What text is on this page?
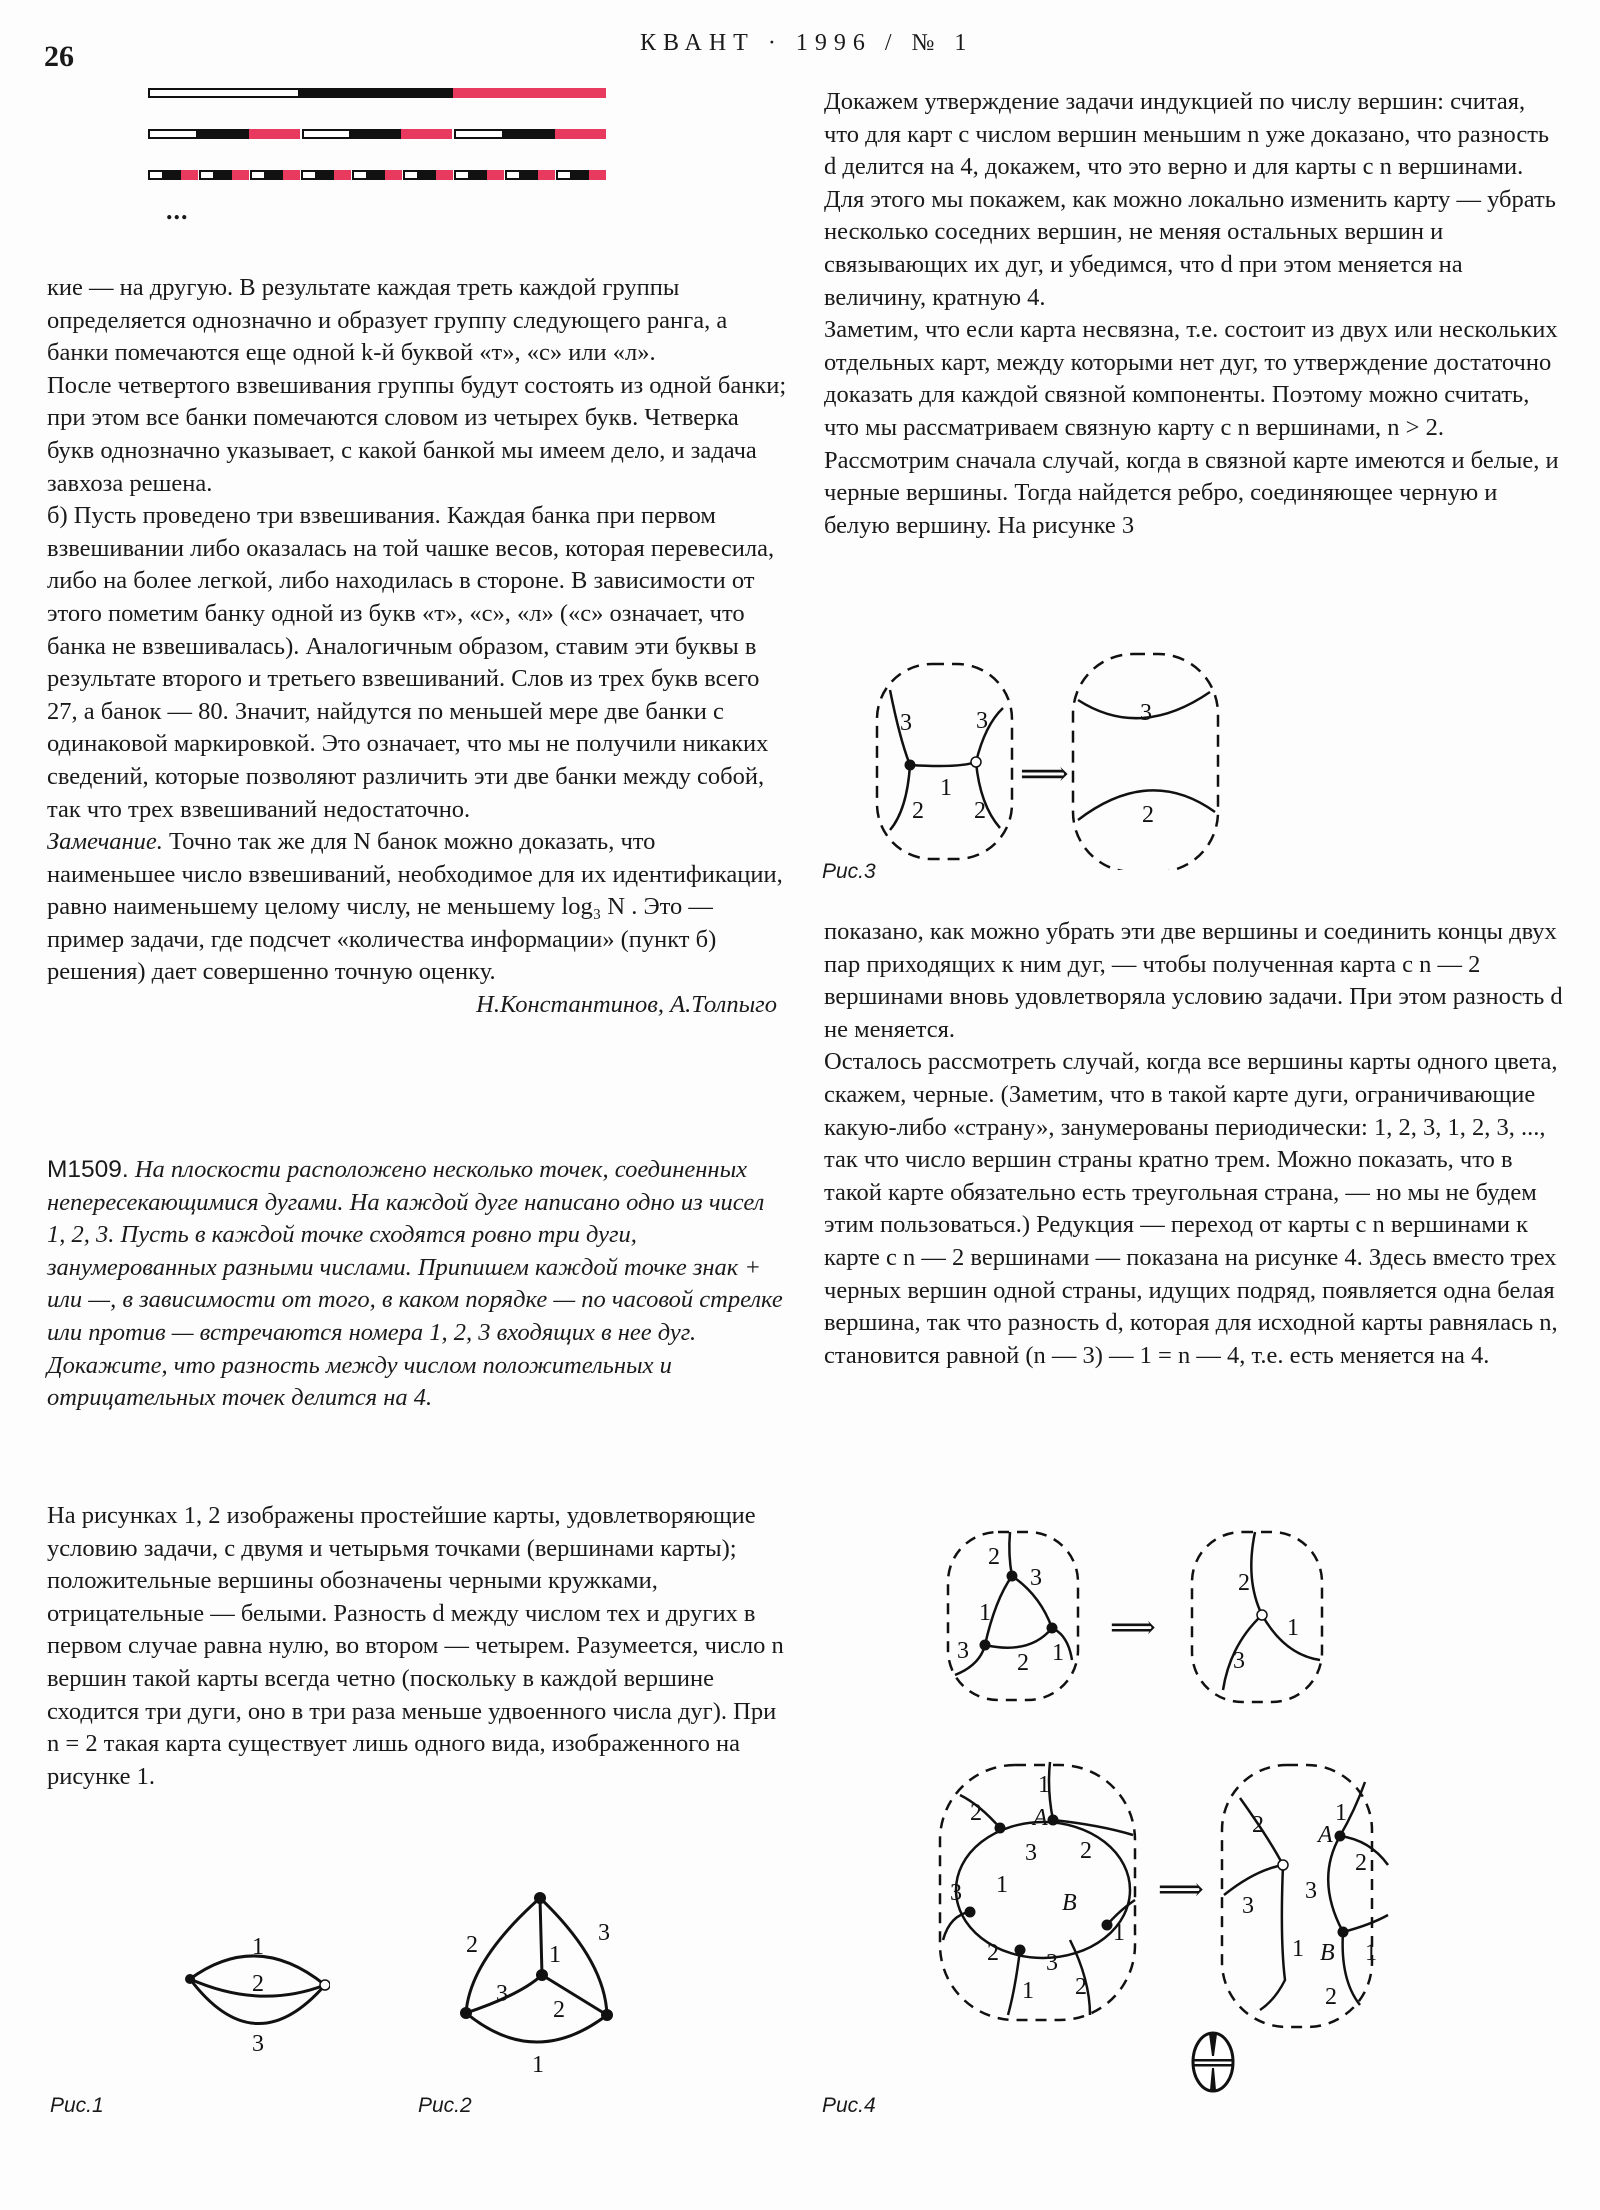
26	КВАНТ · 1996 / № 1
...

кие — на другую. В результате каждая треть каждой группы определяется однозначно и образует группу следующего ранга, а банки помечаются еще одной k-й буквой «т», «с» или «л».

После четвертого взвешивания группы будут состоять из одной банки; при этом все банки помечаются словом из четырех букв. Четверка букв однозначно указывает, с какой банкой мы имеем дело, и задача завхоза решена.

б) Пусть проведено три взвешивания. Каждая банка при первом взвешивании либо оказалась на той чашке весов, которая перевесила, либо на более легкой, либо находилась в стороне. В зависимости от этого пометим банку одной из букв «т», «с», «л» («с» означает, что банка не взвешивалась). Аналогичным образом, ставим эти буквы в результате второго и третьего взвешиваний. Слов из трех букв всего 27, а банок — 80. Значит, найдутся по меньшей мере две банки с одинаковой маркировкой. Это означает, что мы не получили никаких сведений, которые позволяют различить эти две банки между собой, так что трех взвешиваний недостаточно.

Замечание. Точно так же для N банок можно доказать, что наименьшее число взвешиваний, необходимое для их идентификации, равно наименьшему целому числу, не меньшему log₃ N . Это — пример задачи, где подсчет «количества информации» (пункт б) решения) дает совершенно точную оценку.

Н.Константинов, А.Толпыго

М1509. На плоскости расположено несколько точек, соединенных непересекающимися дугами. На каждой дуге написано одно из чисел 1, 2, 3. Пусть в каждой точке сходятся ровно три дуги, занумерованных разными числами. Припишем каждой точке знак + или —, в зависимости от того, в каком порядке — по часовой стрелке или против — встречаются номера 1, 2, 3 входящих в нее дуг. Докажите, что разность между числом положительных и отрицательных точек делится на 4.

На рисунках 1, 2 изображены простейшие карты, удовлетворяющие условию задачи, с двумя и четырьмя точками (вершинами карты); положительные вершины обозначены черными кружками, отрицательные — белыми. Разность d между числом тех и других в первом случае равна нулю, во втором — четырем. Разумеется, число n вершин такой карты всегда четно (поскольку в каждой вершине сходится три дуги, оно в три раза меньше удвоенного числа дуг). При n = 2 такая карта существует лишь одного вида, изображенного на рисунке 1.

1
2
3
Рис.1
2	1
3
3
2
1
Рис.2

Докажем утверждение задачи индукцией по числу вершин: считая, что для карт с числом вершин меньшим n уже доказано, что разность d делится на 4, докажем, что это верно и для карты с n вершинами. Для этого мы покажем, как можно локально изменить карту — убрать несколько соседних вершин, не меняя остальных вершин и связывающих их дуг, и убедимся, что d при этом меняется на величину, кратную 4.

Заметим, что если карта несвязна, т.е. состоит из двух или нескольких отдельных карт, между которыми нет дуг, то утверждение достаточно доказать для каждой связной компоненты. Поэтому можно считать, что мы рассматриваем связную карту с n вершинами, n > 2.

Рассмотрим сначала случай, когда в связной карте имеются и белые, и черные вершины. Тогда найдется ребро, соединяющее черную и белую вершину. На рисунке 3

3	3
1
2 2
⟹
3
2
Рис.3

показано, как можно убрать эти две вершины и соединить концы двух пар приходящих к ним дуг, — чтобы полученная карта с n — 2 вершинами вновь удовлетворяла условию задачи. При этом разность d не меняется.

Осталось рассмотреть случай, когда все вершины карты одного цвета, скажем, черные. (Заметим, что в такой карте дуги, ограничивающие какую-либо «страну», занумерованы периодически: 1, 2, 3, 1, 2, 3, ..., так что число вершин страны кратно трем. Можно показать, что в такой карте обязательно есть треугольная страна, — но мы не будем этим пользоваться.) Редукция — переход от карты с n вершинами к карте с n — 2 вершинами — показана на рисунке 4. Здесь вместо трех черных вершин одной страны, идущих подряд, появляется одна белая вершина, так что разность d, которая для исходной карты равнялась n, становится равной (n — 3) — 1 = n — 4, т.е. есть меняется на 4.

2
3
1
3 2 1
⟹
2
1
3
1
2 A
3 2
1
3	B
1
2 3
1 2
⟹
2	1
A
2
3
3
1 B 1
2
Рис.4
